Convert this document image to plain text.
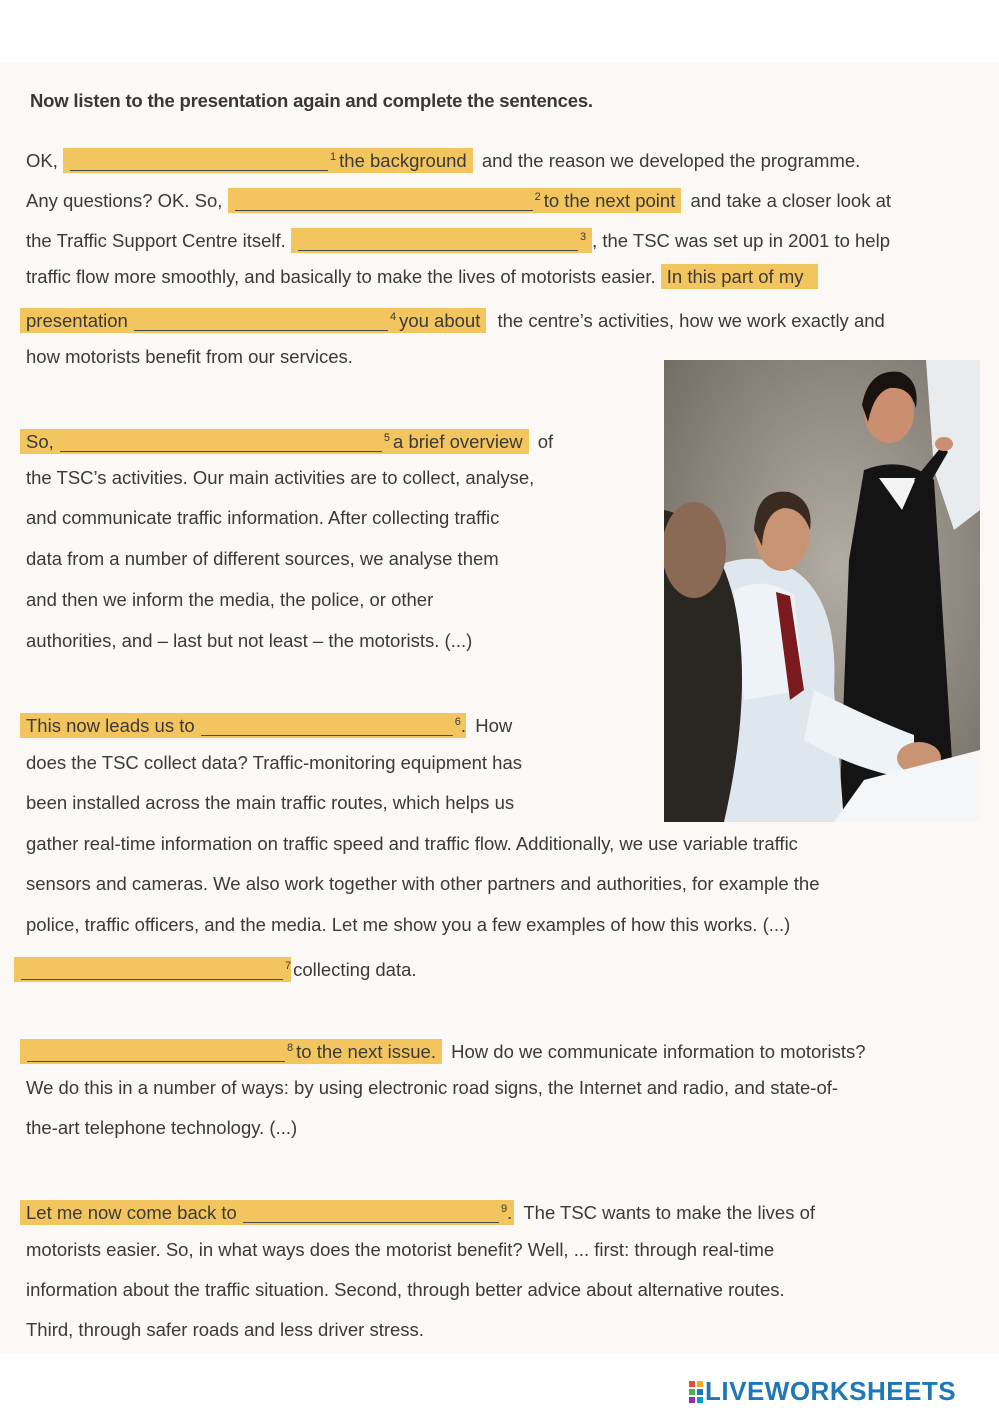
Now listen to the presentation again and complete the sentences.
OK,	$^1$ the background and the reason we developed the programme.
Any questions? OK. So,	$^2$ to the next point and take a closer look at
the Traffic Support Centre itself.	$^3$ , the TSC was set up in 2001 to help
traffic flow more smoothly, and basically to make the lives of motorists easier. In this part of my
presentation	$^4$ you about the centre’s activities, how we work exactly and
how motorists benefit from our services.
So,	$^5$ a brief overview of
the TSC’s activities. Our main activities are to collect, analyse,
and communicate traffic information. After collecting traffic
data from a number of different sources, we analyse them
and then we inform the media, the police, or other
authorities, and – last but not least – the motorists. (...)
This now leads us to	$^6$. How
does the TSC collect data? Traffic-monitoring equipment has
been installed across the main traffic routes, which helps us
gather real-time information on traffic speed and traffic flow. Additionally, we use variable traffic
sensors and cameras. We also work together with other partners and authorities, for example the
police, traffic officers, and the media. Let me show you a few examples of how this works. (...)
$^7$ collecting data.
$^8$ to the next issue. How do we communicate information to motorists?
We do this in a number of ways: by using electronic road signs, the Internet and radio, and state-of-
the-art telephone technology. (...)
Let me now come back to	$^9$. The TSC wants to make the lives of
motorists easier. So, in what ways does the motorist benefit? Well, ... first: through real-time
information about the traffic situation. Second, through better advice about alternative routes.
Third, through safer roads and less driver stress.
LIVEWORKSHEETS
